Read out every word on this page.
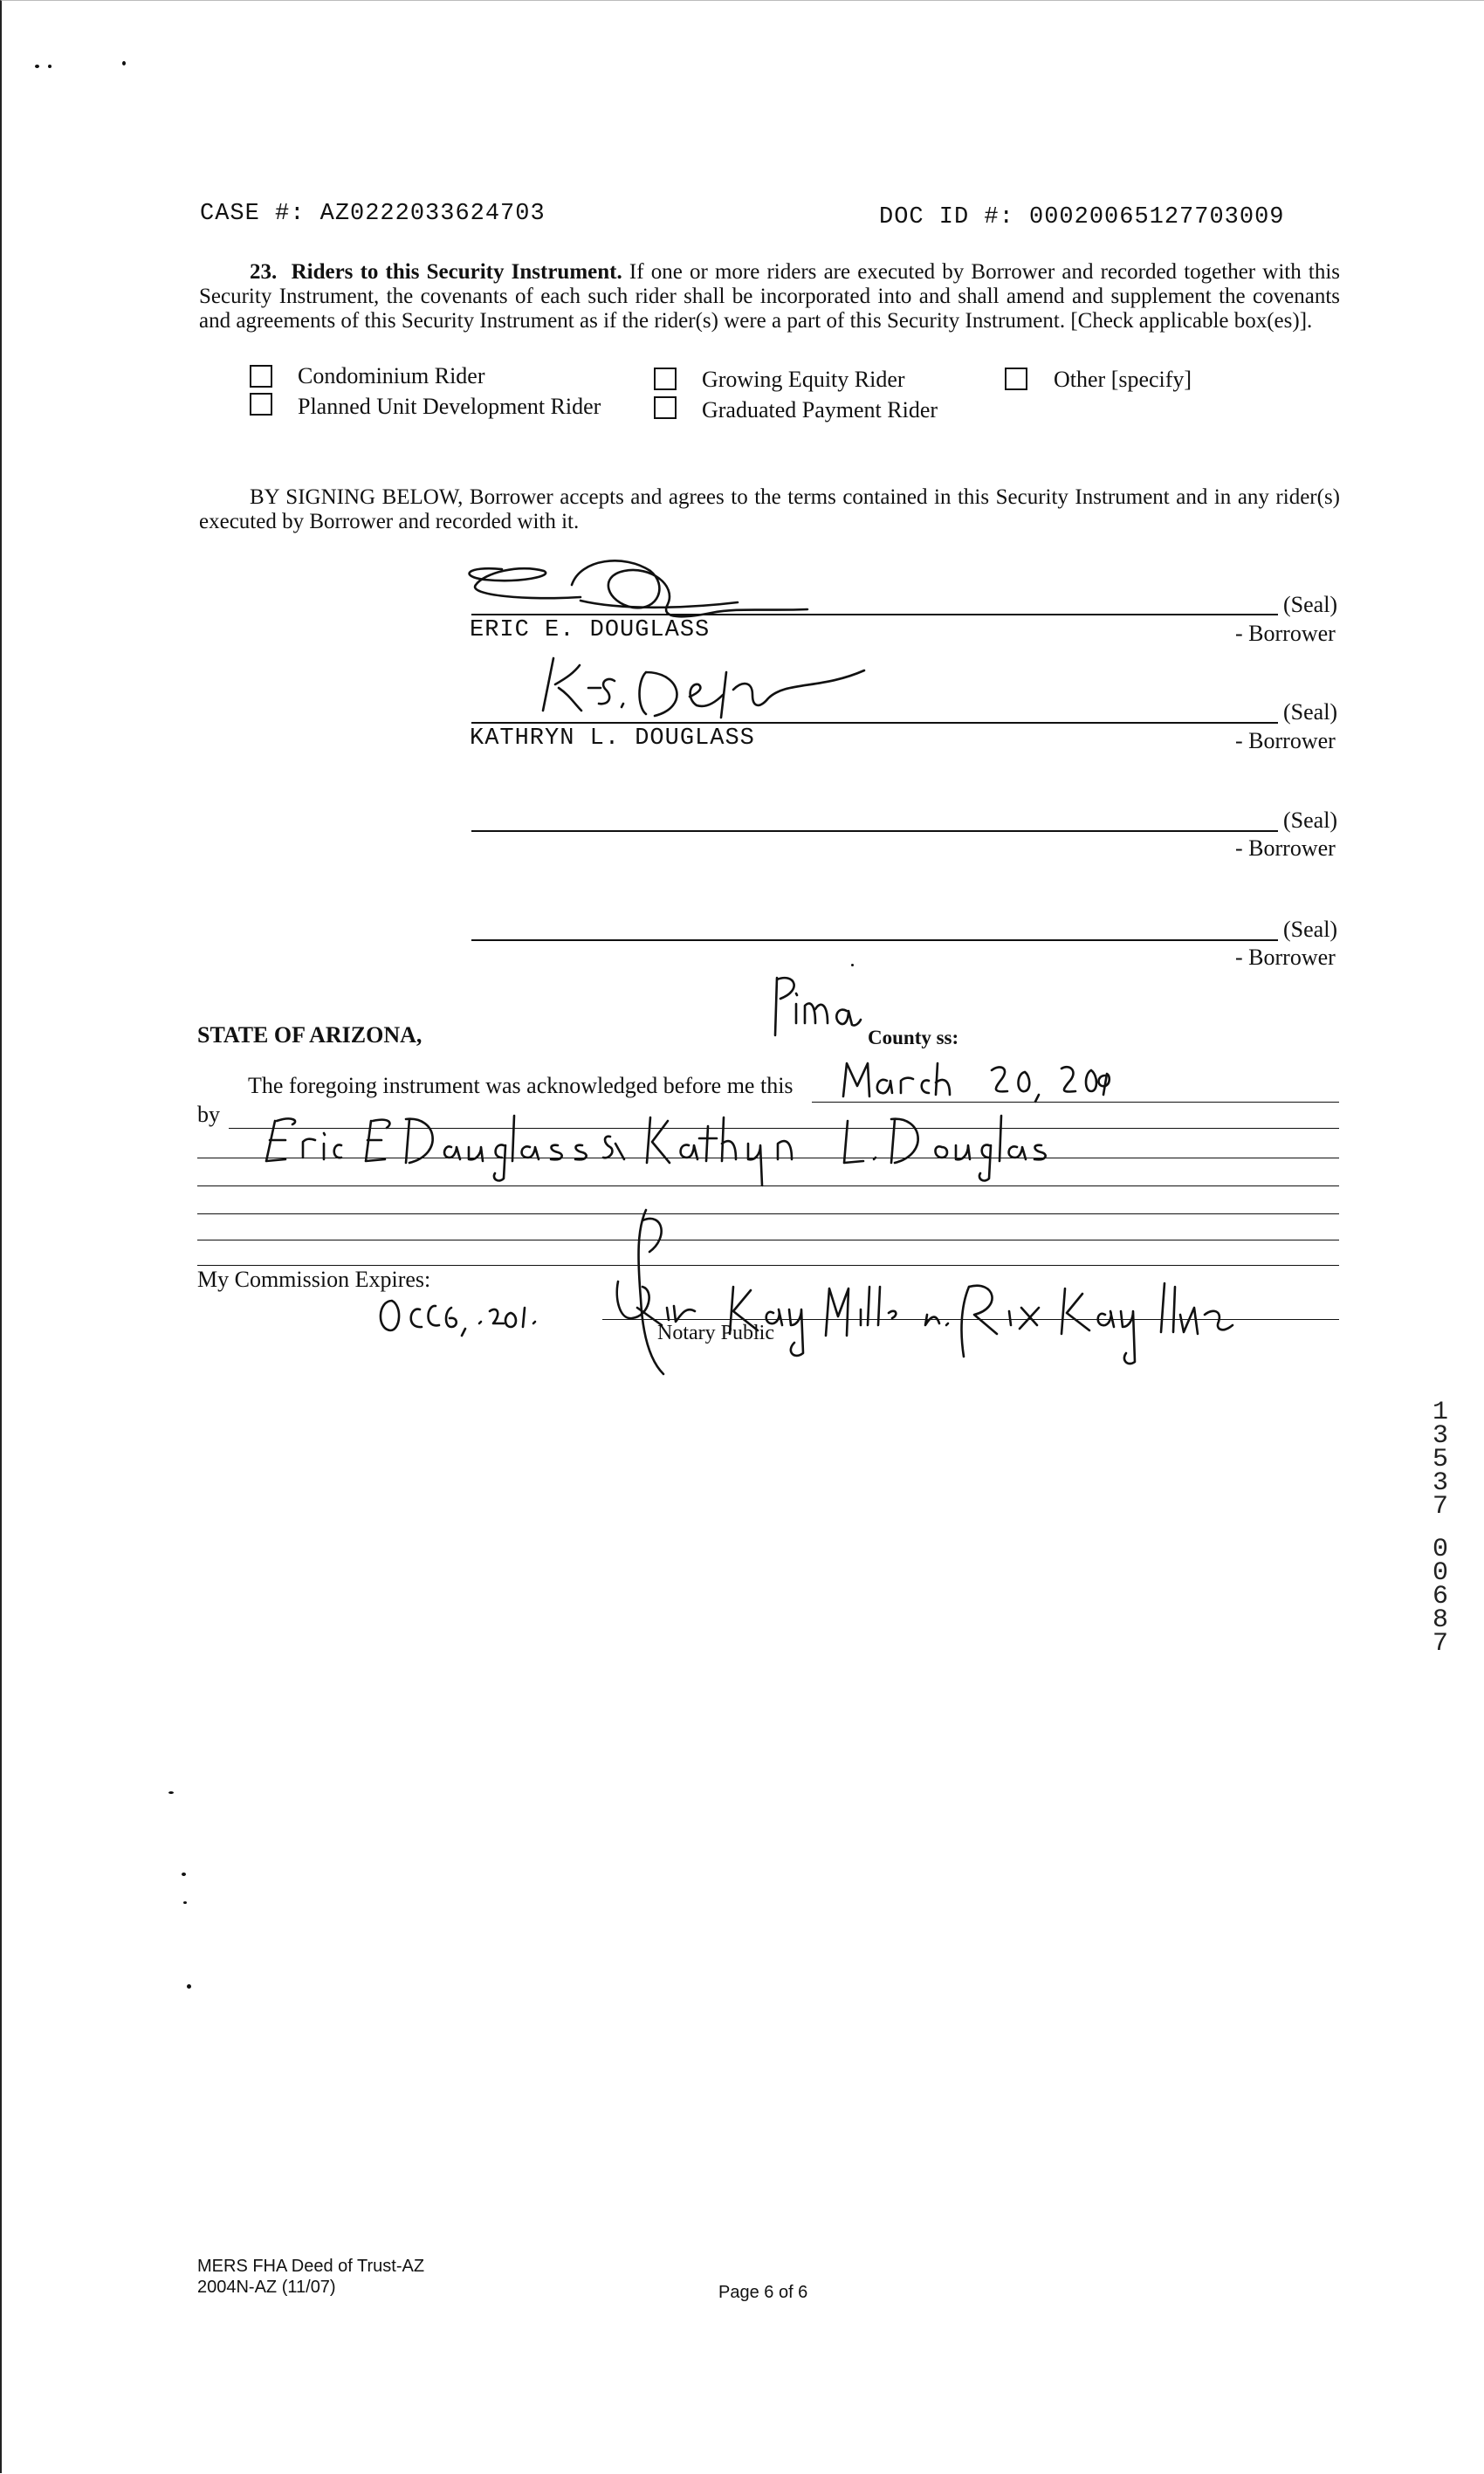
CASE #: AZ0222033624703	DOC ID #: 00020065127703009
23. Riders to this Security Instrument. If one or more riders are executed by Borrower and recorded together with this Security Instrument, the covenants of each such rider shall be incorporated into and shall amend and supplement the covenants and agreements of this Security Instrument as if the rider(s) were a part of this Security Instrument. [Check applicable box(es)].
Condominium Rider
Planned Unit Development Rider
Growing Equity Rider
Graduated Payment Rider
Other [specify]
BY SIGNING BELOW, Borrower accepts and agrees to the terms contained in this Security Instrument and in any rider(s) executed by Borrower and recorded with it.
(Seal)
ERIC E. DOUGLASS	- Borrower
(Seal)
KATHRYN L. DOUGLASS	- Borrower
(Seal)
- Borrower
(Seal)
- Borrower
STATE OF ARIZONA,	County ss:
The foregoing instrument was acknowledged before me this
by
My Commission Expires:
Notary Public
1
3
5
3
7
0
0
6
8
7
MERS FHA Deed of Trust-AZ
2004N-AZ (11/07)	Page 6 of 6
